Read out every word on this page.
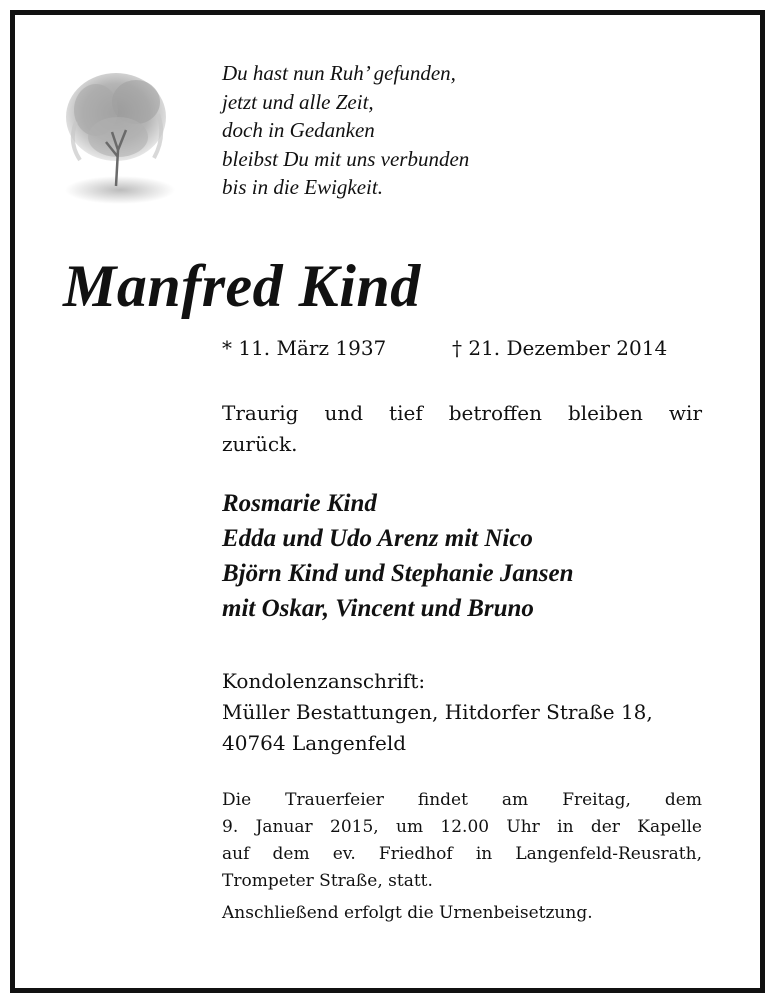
Du hast nun Ruh’ gefunden,
jetzt und alle Zeit,
doch in Gedanken
bleibst Du mit uns verbunden
bis in die Ewigkeit.
Manfred Kind
* 11. März 1937	† 21. Dezember 2014
Traurig und tief betroffen bleiben wir
zurück.
Rosmarie Kind
Edda und Udo Arenz mit Nico
Björn Kind und Stephanie Jansen
mit Oskar, Vincent und Bruno
Kondolenzanschrift:
Müller Bestattungen, Hitdorfer Straße 18,
40764 Langenfeld
Die Trauerfeier findet am Freitag, dem
9. Januar 2015, um 12.00 Uhr in der Kapelle
auf dem ev. Friedhof in Langenfeld-Reusrath,
Trompeter Straße, statt.
Anschließend erfolgt die Urnenbeisetzung.
